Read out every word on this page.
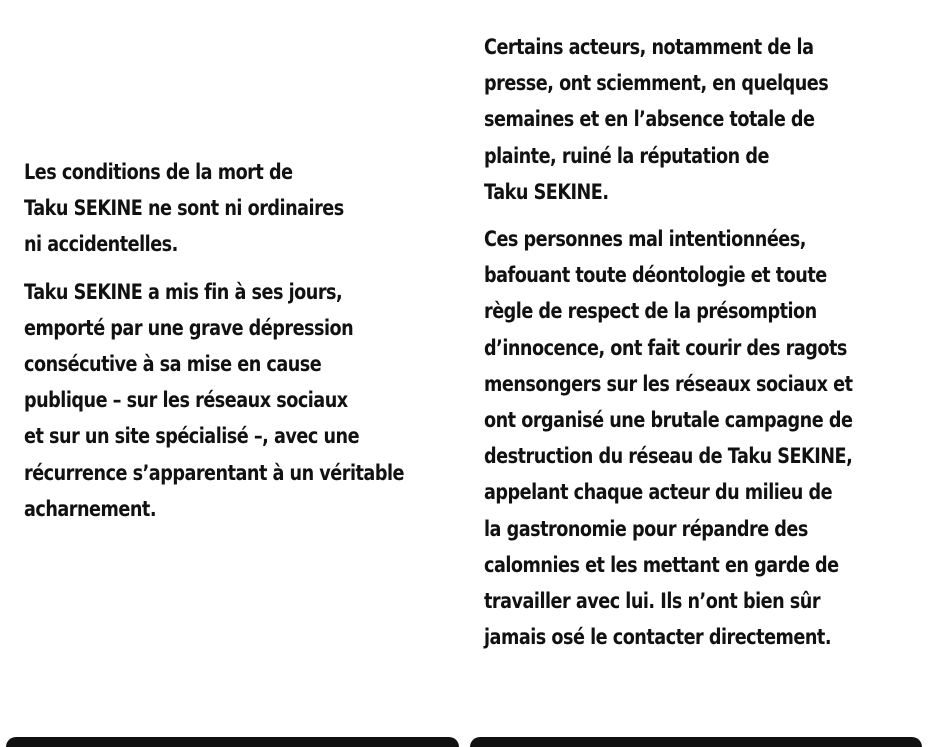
Les conditions de la mort de
Taku SEKINE ne sont ni ordinaires
ni accidentelles.

Taku SEKINE a mis fin à ses jours,
emporté par une grave dépression
consécutive à sa mise en cause
publique – sur les réseaux sociaux
et sur un site spécialisé –, avec une
récurrence s’apparentant à un véritable
acharnement.

Certains acteurs, notamment de la
presse, ont sciemment, en quelques
semaines et en l’absence totale de
plainte, ruiné la réputation de
Taku SEKINE.

Ces personnes mal intentionnées,
bafouant toute déontologie et toute
règle de respect de la présomption
d’innocence, ont fait courir des ragots
mensongers sur les réseaux sociaux et
ont organisé une brutale campagne de
destruction du réseau de Taku SEKINE,
appelant chaque acteur du milieu de
la gastronomie pour répandre des
calomnies et les mettant en garde de
travailler avec lui. Ils n’ont bien sûr
jamais osé le contacter directement.
